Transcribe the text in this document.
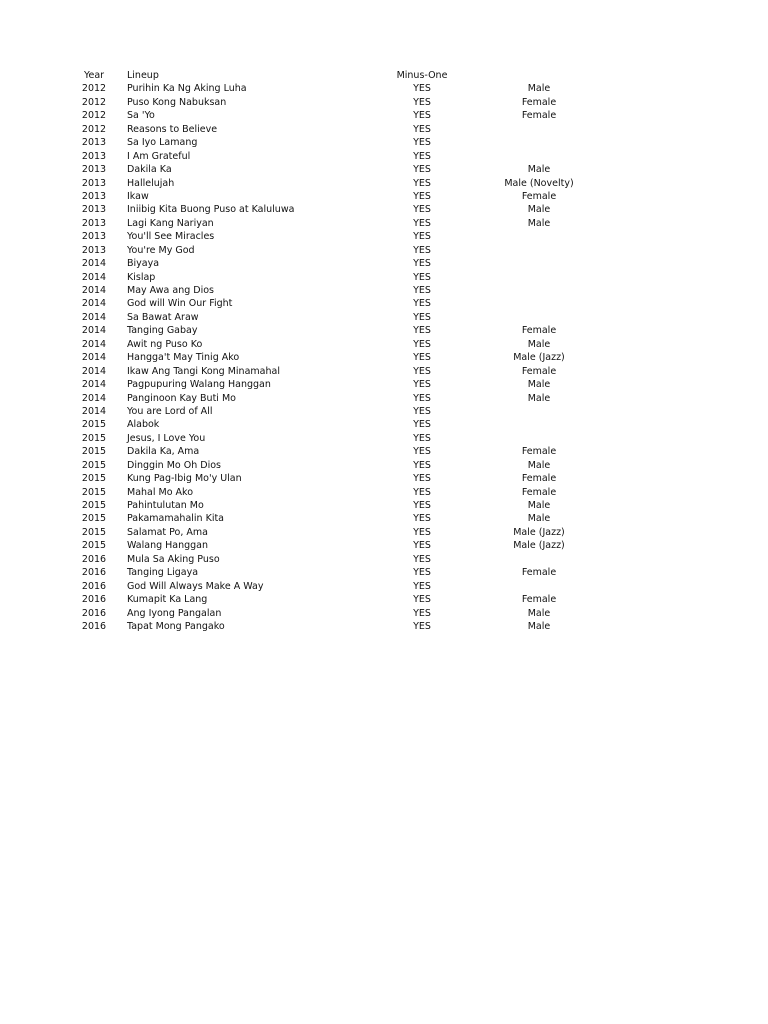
Year	Lineup	Minus-One
2012	Purihin Ka Ng Aking Luha	YES	Male
2012	Puso Kong Nabuksan	YES	Female
2012	Sa 'Yo	YES	Female
2012	Reasons to Believe	YES
2013	Sa Iyo Lamang	YES
2013	I Am Grateful	YES
2013	Dakila Ka	YES	Male
2013	Hallelujah	YES	Male (Novelty)
2013	Ikaw	YES	Female
2013	Iniibig Kita Buong Puso at Kaluluwa	YES	Male
2013	Lagi Kang Nariyan	YES	Male
2013	You'll See Miracles	YES
2013	You're My God	YES
2014	Biyaya	YES
2014	Kislap	YES
2014	May Awa ang Dios	YES
2014	God will Win Our Fight	YES
2014	Sa Bawat Araw	YES
2014	Tanging Gabay	YES	Female
2014	Awit ng Puso Ko	YES	Male
2014	Hangga't May Tinig Ako	YES	Male (Jazz)
2014	Ikaw Ang Tangi Kong Minamahal	YES	Female
2014	Pagpupuring Walang Hanggan	YES	Male
2014	Panginoon Kay Buti Mo	YES	Male
2014	You are Lord of All	YES
2015	Alabok	YES
2015	Jesus, I Love You	YES
2015	Dakila Ka, Ama	YES	Female
2015	Dinggin Mo Oh Dios	YES	Male
2015	Kung Pag-Ibig Mo'y Ulan	YES	Female
2015	Mahal Mo Ako	YES	Female
2015	Pahintulutan Mo	YES	Male
2015	Pakamamahalin Kita	YES	Male
2015	Salamat Po, Ama	YES	Male (Jazz)
2015	Walang Hanggan	YES	Male (Jazz)
2016	Mula Sa Aking Puso	YES
2016	Tanging Ligaya	YES	Female
2016	God Will Always Make A Way	YES
2016	Kumapit Ka Lang	YES	Female
2016	Ang Iyong Pangalan	YES	Male
2016	Tapat Mong Pangako	YES	Male
